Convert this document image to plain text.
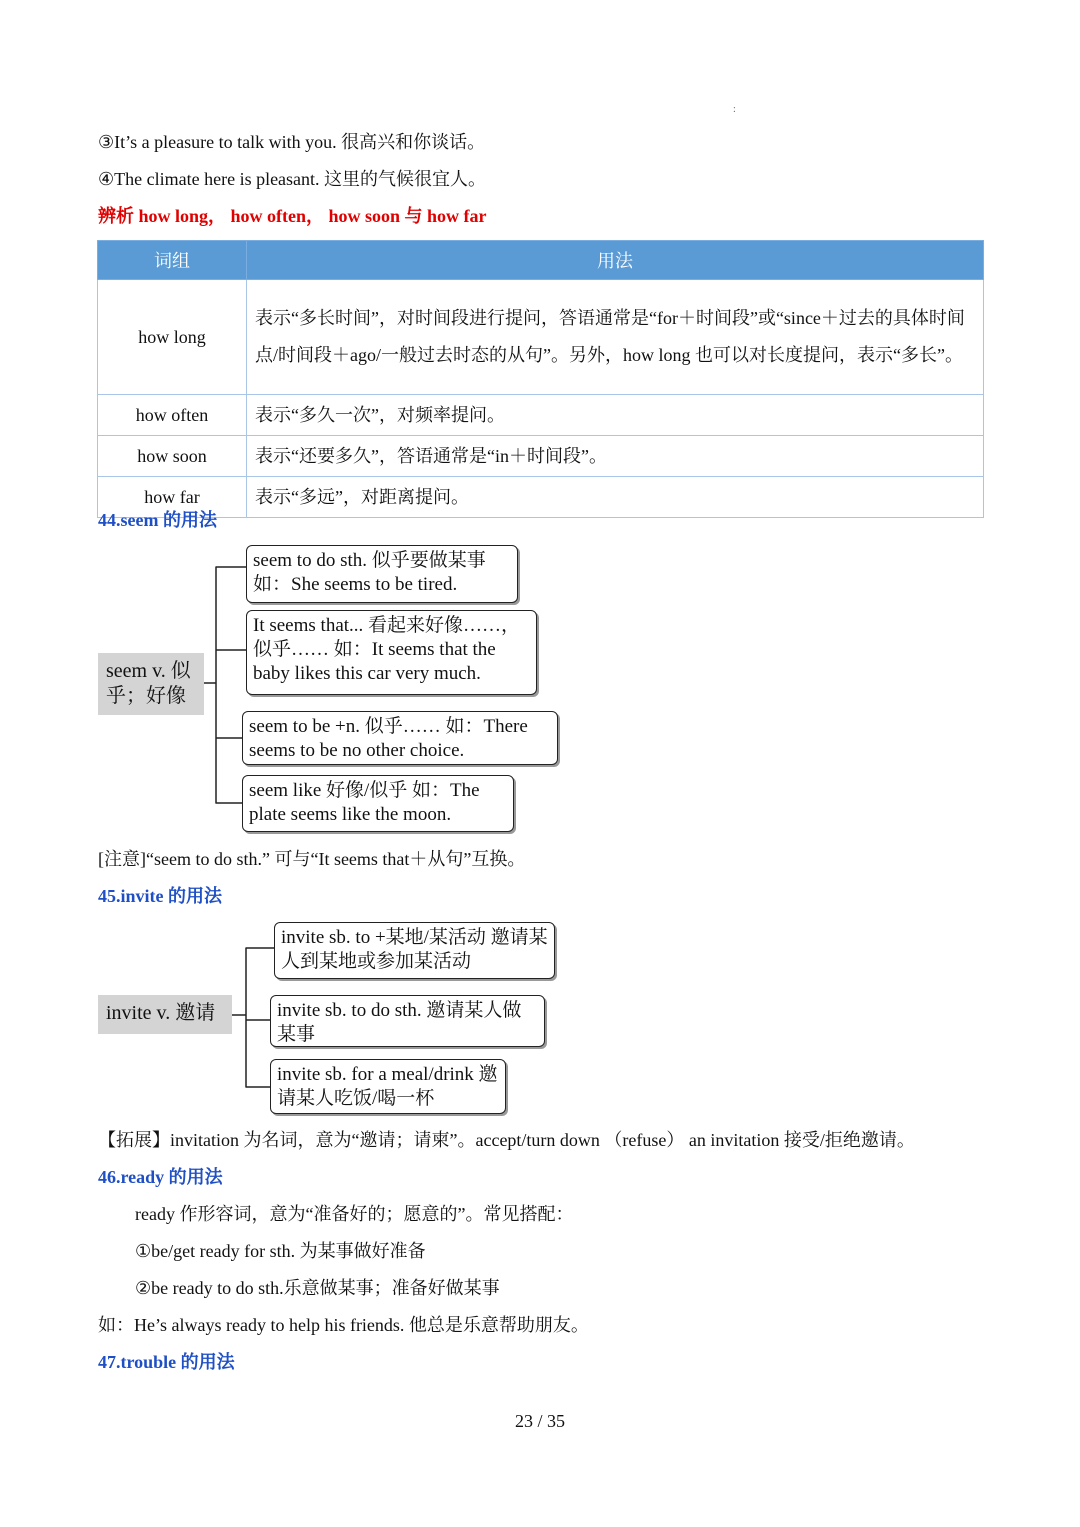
:
③It’s a pleasure to talk with you. 很高兴和你谈话。
④The climate here is pleasant. 这里的气候很宜人。
辨析 how long， how often， how soon 与 how far
词组	用法
how long	表示“多长时间”，对时间段进行提问，答语通常是“for＋时间段”或“since＋过去的具体时间点/时间段＋ago/一般过去时态的从句”。另外，how long 也可以对长度提问，表示“多长”。
how often	表示“多久一次”，对频率提问。
how soon	表示“还要多久”，答语通常是“in＋时间段”。
how far	表示“多远”，对距离提问。
44.seem 的用法
seem v. 似乎；好像
seem to do sth. 似乎要做某事 如：She seems to be tired.
It seems that... 看起来好像……，似乎…… 如：It seems that the baby likes this car very much.
seem to be +n. 似乎…… 如：There seems to be no other choice.
seem like 好像/似乎 如：The plate seems like the moon.
[注意]“seem to do sth.” 可与“It seems that＋从句”互换。
45.invite 的用法
invite v. 邀请
invite sb. to +某地/某活动 邀请某人到某地或参加某活动
invite sb. to do sth. 邀请某人做某事
invite sb. for a meal/drink 邀请某人吃饭/喝一杯
【拓展】invitation 为名词，意为“邀请；请柬”。accept/turn down （refuse） an invitation 接受/拒绝邀请。
46.ready 的用法
ready 作形容词，意为“准备好的；愿意的”。常见搭配：
①be/get ready for sth. 为某事做好准备
②be ready to do sth.乐意做某事；准备好做某事
如：He’s always ready to help his friends. 他总是乐意帮助朋友。
47.trouble 的用法
23 / 35
